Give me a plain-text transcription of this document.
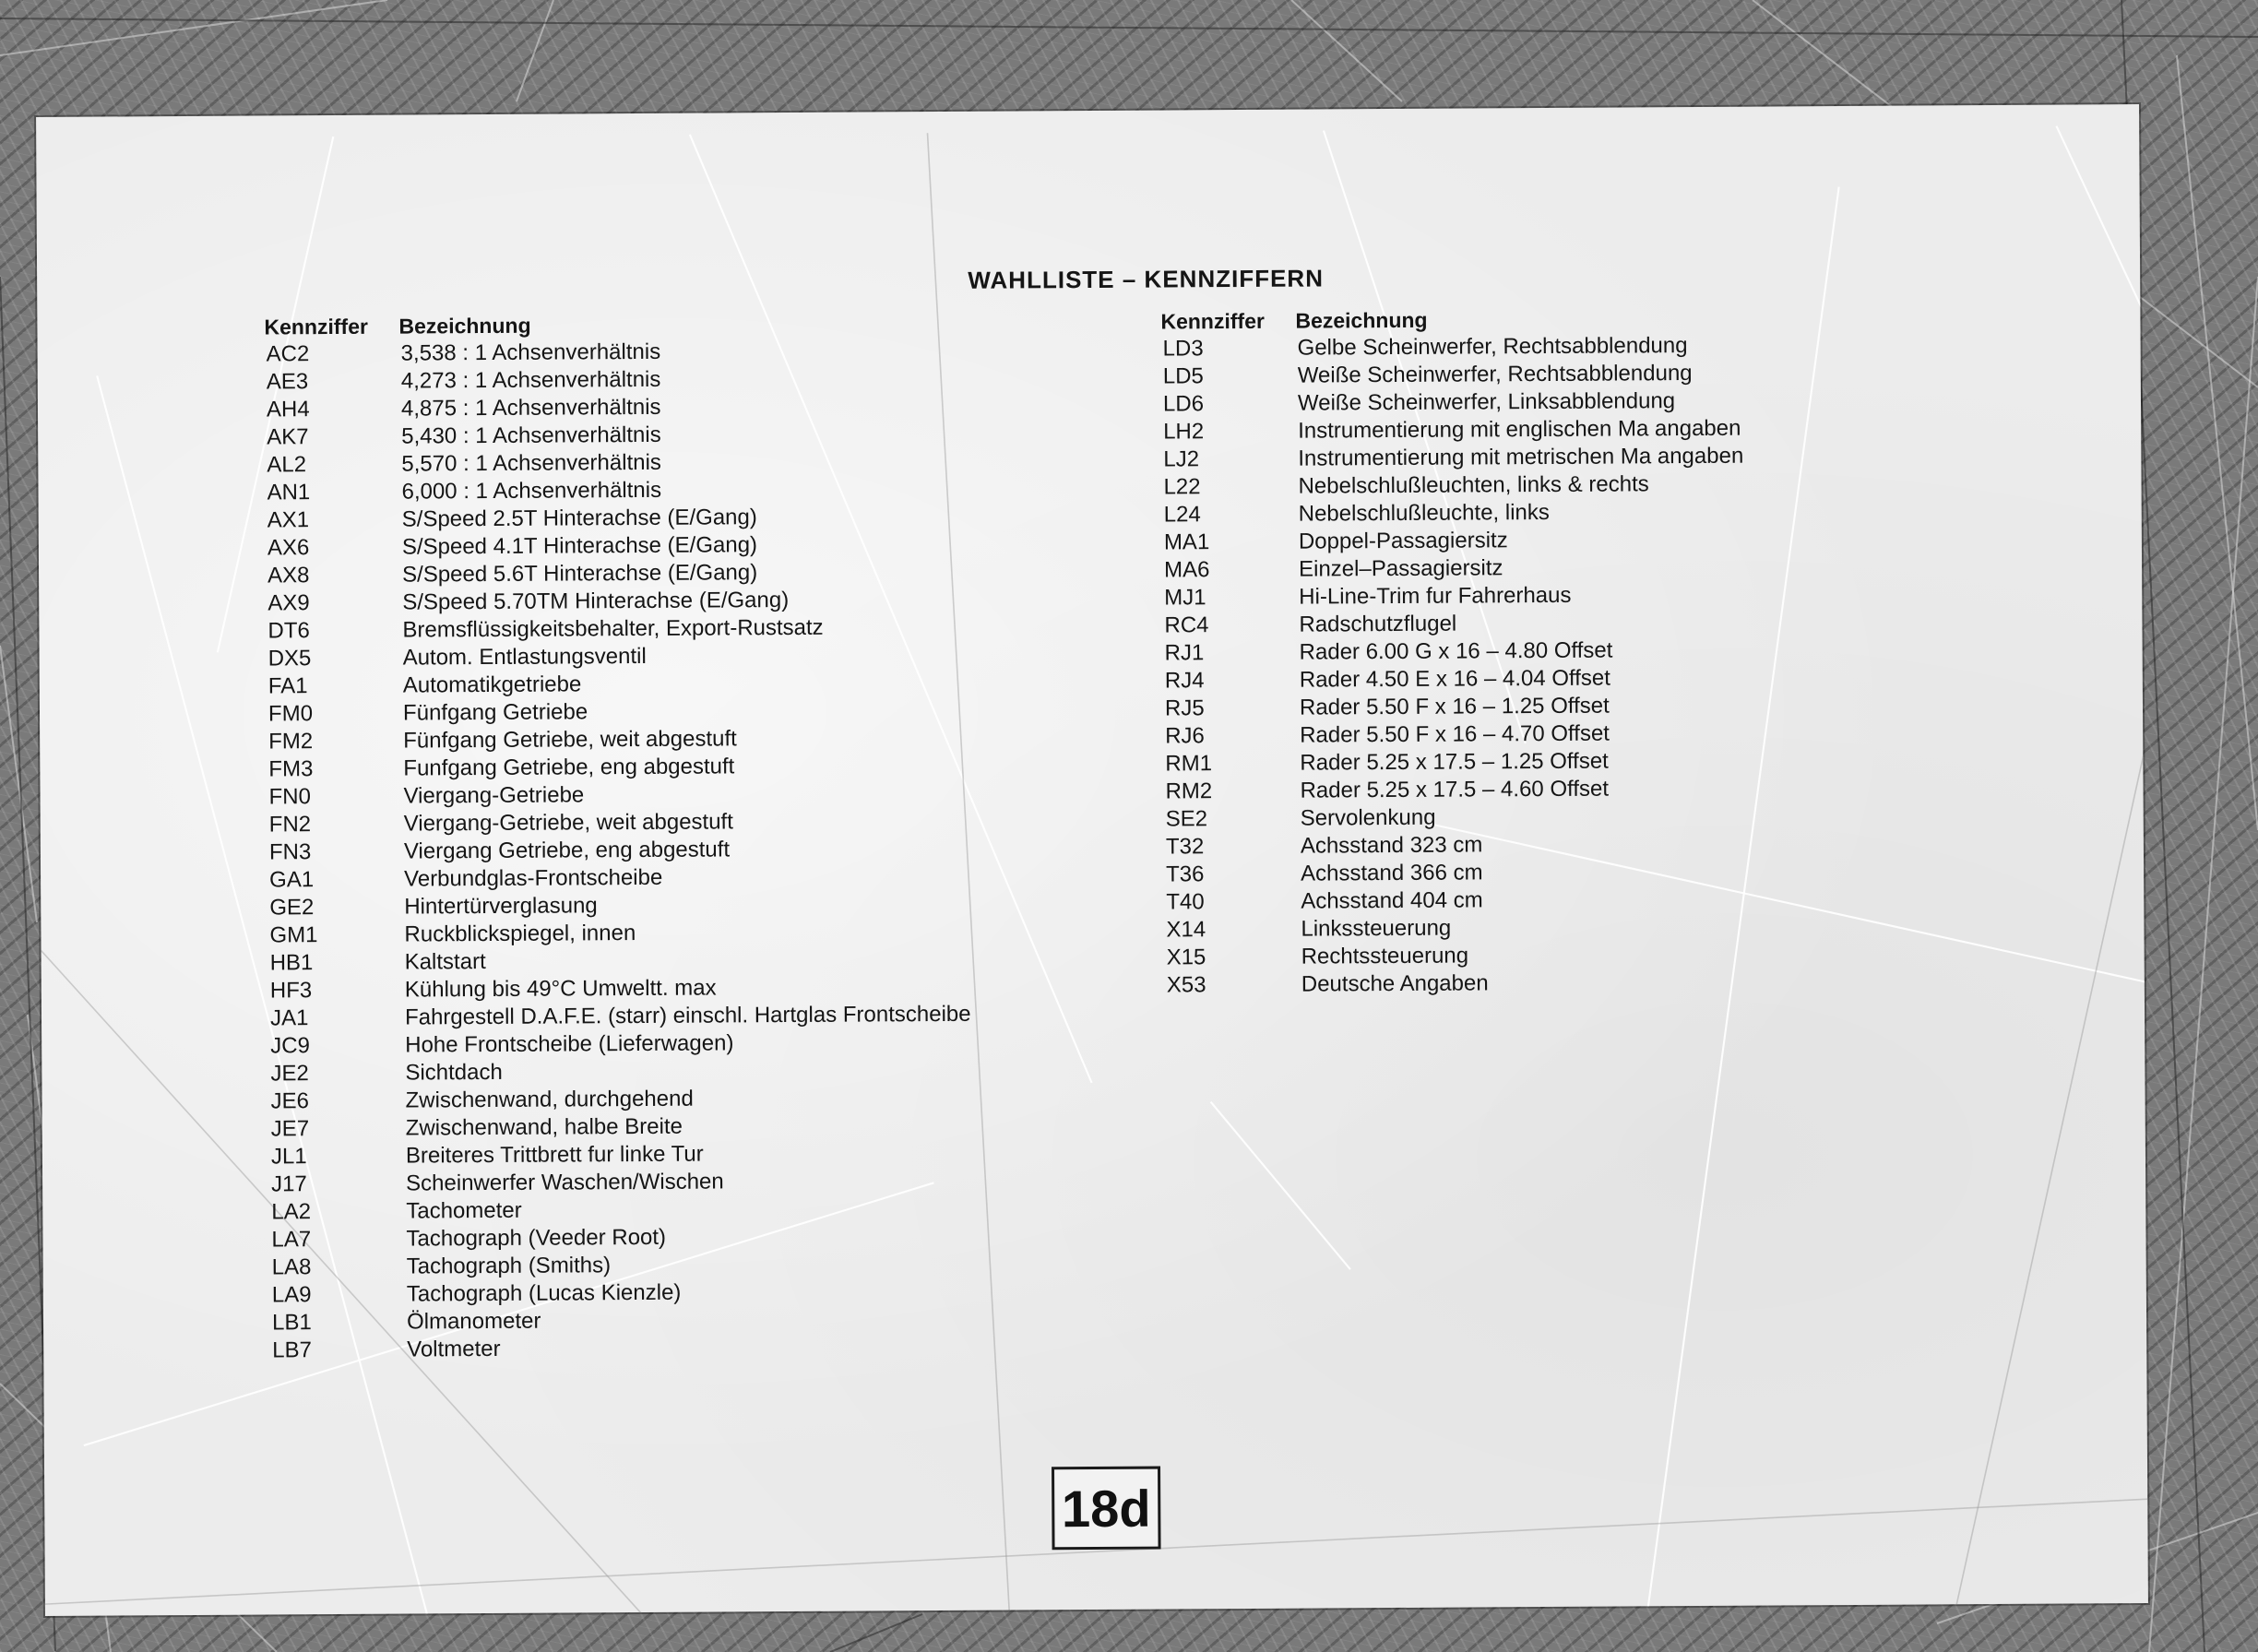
WAHLLISTE – KENNZIFFERN
Kennziffer	Bezeichnung
AC2	3,538 : 1 Achsenverhältnis
AE3	4,273 : 1 Achsenverhältnis
AH4	4,875 : 1 Achsenverhältnis
AK7	5,430 : 1 Achsenverhältnis
AL2	5,570 : 1 Achsenverhältnis
AN1	6,000 : 1 Achsenverhältnis
AX1	S/Speed 2.5T Hinterachse (E/Gang)
AX6	S/Speed 4.1T Hinterachse (E/Gang)
AX8	S/Speed 5.6T Hinterachse (E/Gang)
AX9	S/Speed 5.70TM Hinterachse (E/Gang)
DT6	Bremsflüssigkeitsbehalter, Export-Rustsatz
DX5	Autom. Entlastungsventil
FA1	Automatikgetriebe
FM0	Fünfgang Getriebe
FM2	Fünfgang Getriebe, weit abgestuft
FM3	Funfgang Getriebe, eng abgestuft
FN0	Viergang-Getriebe
FN2	Viergang-Getriebe, weit abgestuft
FN3	Viergang Getriebe, eng abgestuft
GA1	Verbundglas-Frontscheibe
GE2	Hintertürverglasung
GM1	Ruckblickspiegel, innen
HB1	Kaltstart
HF3	Kühlung bis 49°C Umweltt. max
JA1	Fahrgestell D.A.F.E. (starr) einschl. Hartglas Frontscheibe
JC9	Hohe Frontscheibe (Lieferwagen)
JE2	Sichtdach
JE6	Zwischenwand, durchgehend
JE7	Zwischenwand, halbe Breite
JL1	Breiteres Trittbrett fur linke Tur
J17	Scheinwerfer Waschen/Wischen
LA2	Tachometer
LA7	Tachograph (Veeder Root)
LA8	Tachograph (Smiths)
LA9	Tachograph (Lucas Kienzle)
LB1	Ölmanometer
LB7	Voltmeter
Kennziffer	Bezeichnung
LD3	Gelbe Scheinwerfer, Rechtsabblendung
LD5	Weiße Scheinwerfer, Rechtsabblendung
LD6	Weiße Scheinwerfer, Linksabblendung
LH2	Instrumentierung mit englischen Ma angaben
LJ2	Instrumentierung mit metrischen Ma angaben
L22	Nebelschlußleuchten, links & rechts
L24	Nebelschlußleuchte, links
MA1	Doppel-Passagiersitz
MA6	Einzel–Passagiersitz
MJ1	Hi-Line-Trim fur Fahrerhaus
RC4	Radschutzflugel
RJ1	Rader 6.00 G x 16 – 4.80 Offset
RJ4	Rader 4.50 E x 16 – 4.04 Offset
RJ5	Rader 5.50 F x 16 – 1.25 Offset
RJ6	Rader 5.50 F x 16 – 4.70 Offset
RM1	Rader 5.25 x 17.5 – 1.25 Offset
RM2	Rader 5.25 x 17.5 – 4.60 Offset
SE2	Servolenkung
T32	Achsstand 323 cm
T36	Achsstand 366 cm
T40	Achsstand 404 cm
X14	Linkssteuerung
X15	Rechtssteuerung
X53	Deutsche Angaben
18d
